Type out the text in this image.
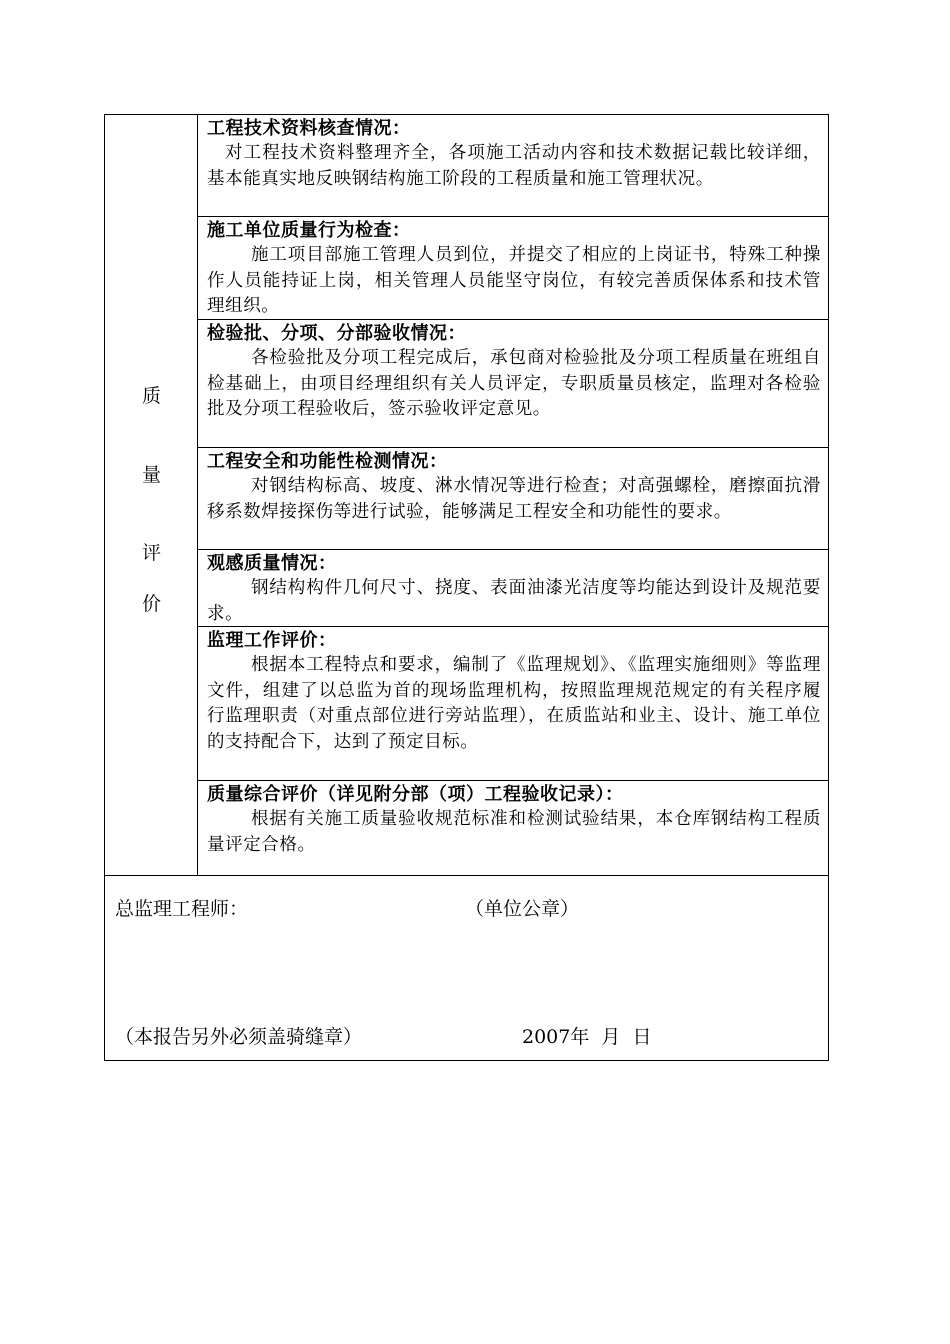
质
量
评
价

工程技术资料核查情况：

对工程技术资料整理齐全，各项施工活动内容和技术数据记载比较详细，基本能真实地反映钢结构施工阶段的工程质量和施工管理状况。

施工单位质量行为检查：

施工项目部施工管理人员到位，并提交了相应的上岗证书，特殊工种操作人员能持证上岗，相关管理人员能坚守岗位，有较完善质保体系和技术管理组织。

检验批、分项、分部验收情况：

各检验批及分项工程完成后，承包商对检验批及分项工程质量在班组自检基础上，由项目经理组织有关人员评定，专职质量员核定，监理对各检验批及分项工程验收后，签示验收评定意见。

工程安全和功能性检测情况：

对钢结构标高、坡度、淋水情况等进行检查；对高强螺栓，磨擦面抗滑移系数焊接探伤等进行试验，能够满足工程安全和功能性的要求。

观感质量情况：

钢结构构件几何尺寸、挠度、表面油漆光洁度等均能达到设计及规范要求。

监理工作评价：

根据本工程特点和要求，编制了《监理规划》、《监理实施细则》等监理文件，组建了以总监为首的现场监理机构，按照监理规范规定的有关程序履行监理职责（对重点部位进行旁站监理），在质监站和业主、设计、施工单位的支持配合下，达到了预定目标。

质量综合评价（详见附分部（项）工程验收记录）：

根据有关施工质量验收规范标准和检测试验结果，本仓库钢结构工程质量评定合格。

总监理工程师：	（单位公章）
（本报告另外必须盖骑缝章）	2007年  月  日
